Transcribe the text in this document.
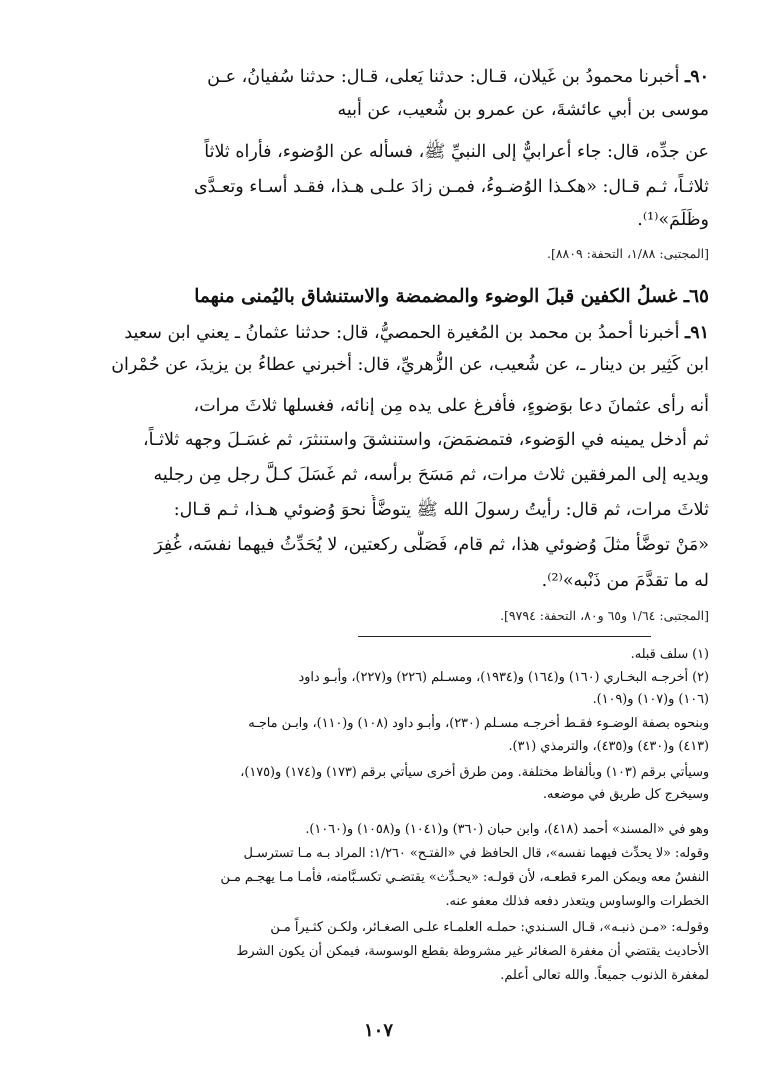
٩٠ـ أخبرنا محمودُ بن غَيلان، قـال: حدثنا يَعلى، قـال: حدثنا سُفيانُ، عـن
موسى بن أبي عائشةَ، عن عمرو بن شُعيب، عن أبيه
عن جدِّه، قال: جاء أعرابيٌّ إلى النبيِّ ﷺ، فسأله عن الوُضوء، فأراه ثلاثاً
ثلاثـاً، ثـم قـال: «هكـذا الوُضـوءُ، فمـن زادَ علـى هـذا، فقـد أسـاء وتعـدَّى
وظَلَمَ»⁽¹⁾.
[المجتبى: ١/٨٨، التحفة: ٨٨٠٩].
٦٥ـ غسلُ الكفين قبلَ الوضوء والمضمضة والاستنشاق باليُمنى منهما
٩١ـ أخبرنا أحمدُ بن محمد بن المُغيرة الحمصيُّ، قال: حدثنا عثمانُ ـ يعني ابن سعيد
ابن كَثِير بن دينار ـ، عن شُعيب، عن الزُّهريِّ، قال: أخبرني عطاءُ بن يزيدَ، عن حُمْران
أنه رأى عثمانَ دعا بوَضوءٍ، فأفرغ على يده مِن إنائه، فغسلها ثلاثَ مرات،
ثم أدخل يمينه في الوَضوء، فتمضمَضَ، واستنشقَ واستنثرَ، ثم غسَـلَ وجهه ثلاثـاً،
ويديه إلى المرفقين ثلاث مرات، ثم مَسَحَ برأسه، ثم غَسَلَ كـلَّ رجل مِن رجليه
ثلاثَ مرات، ثم قال: رأيتُ رسولَ الله ﷺ يتوضَّأُ نحوَ وُضوئي هـذا، ثـم قـال:
«مَنْ توضَّأ مثلَ وُضوئي هذا، ثم قام، فَصَلَّى ركعتين، لا يُحَدِّثُ فيهما نفسَه، غُفِرَ
له ما تقدَّمَ من ذَنْبه»⁽²⁾.
[المجتبى: ١/٦٤ و٦٥ و٨٠، التحفة: ٩٧٩٤].
(١) سلف قبله.
(٢) أخرجـه البخـاري (١٦٠) و(١٦٤) و(١٩٣٤)، ومسـلم (٢٢٦) و(٢٢٧)، وأبـو داود
(١٠٦) و(١٠٧) و(١٠٩).
وبنحوه بصفة الوضـوء فقـط أخرجـه مسـلم (٢٣٠)، وأبـو داود (١٠٨) و(١١٠)، وابـن ماجـه
(٤١٣) و(٤٣٠) و(٤٣٥)، والترمذي (٣١).
وسيأتي برقم (١٠٣) وبألفاظ مختلفة. ومن طرق أخرى سيأتي برقم (١٧٣) و(١٧٤) و(١٧٥)،
وسيخرج كل طريق في موضعه.
وهو في «المسند» أحمد (٤١٨)، وابن حبان (٣٦٠) و(١٠٤١) و(١٠٥٨) و(١٠٦٠).
وقوله: «لا يحدِّث فيهما نفسه»، قال الحافظ في «الفتـح» ١/٢٦٠: المراد بـه مـا تسترسـل
النفسُ معه ويمكن المرء قطعـه، لأن قولـه: «يحـدِّث» يقتضـي تكسـبَّامنه، فأمـا مـا يهجـم مـن
الخطرات والوساوس ويتعذر دفعه فذلك معفو عنه.
وقولـه: «مـن ذنبـه»، قـال السـندي: حملـه العلمـاء علـى الصغـائر، ولكـن كثـيراً مـن
الأحاديث يقتضي أن مغفرة الصغائر غير مشروطة بقطع الوسوسة، فيمكن أن يكون الشرط
لمغفرة الذنوب جميعاً. والله تعالى أعلم.
١٠٧
